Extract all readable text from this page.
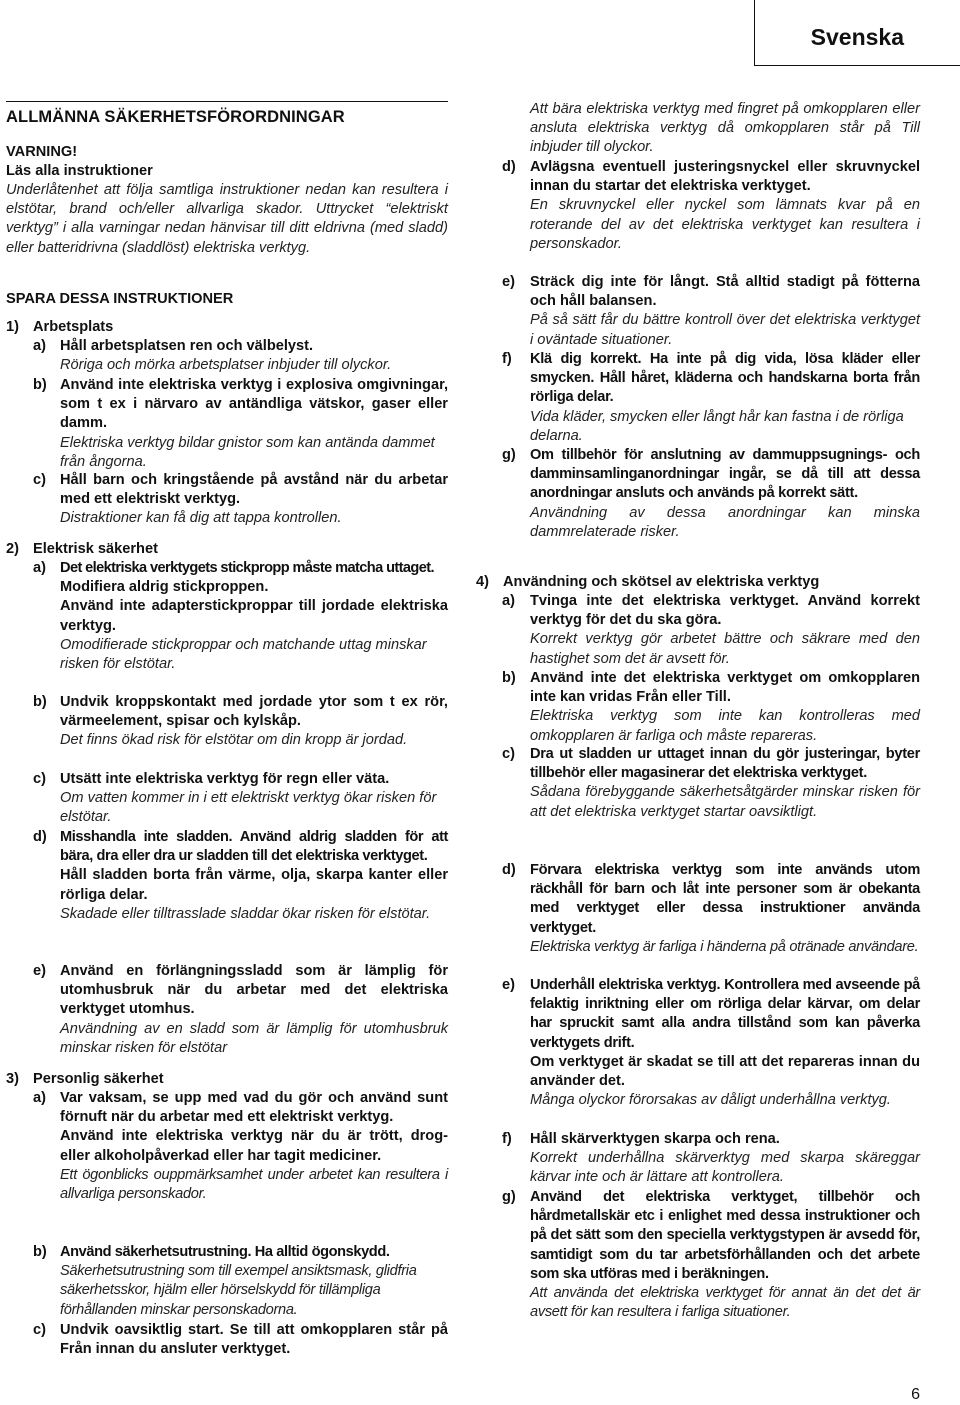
Svenska
ALLMÄNNA SÄKERHETSFÖRORDNINGAR
VARNING!
Läs alla instruktioner
Underlåtenhet att följa samtliga instruktioner nedan kan resultera i elstötar, brand och/eller allvarliga skador. Uttrycket “elektriskt verktyg” i alla varningar nedan hänvisar till ditt eldrivna (med sladd) eller batteridrivna (sladdlöst) elektriska verktyg.
SPARA DESSA INSTRUKTIONER
1) Arbetsplats
a) Håll arbetsplatsen ren och välbelyst.
Röriga och mörka arbetsplatser inbjuder till olyckor.
b) Använd inte elektriska verktyg i explosiva omgivningar, som t ex i närvaro av antändliga vätskor, gaser eller damm.
Elektriska verktyg bildar gnistor som kan antända dammet från ångorna.
c) Håll barn och kringstående på avstånd när du arbetar med ett elektriskt verktyg.
Distraktioner kan få dig att tappa kontrollen.
2) Elektrisk säkerhet
a) Det elektriska verktygets stickpropp måste matcha uttaget.
Modifiera aldrig stickproppen.
Använd inte adapterstickproppar till jordade elektriska verktyg.
Omodifierade stickproppar och matchande uttag minskar risken för elstötar.
b) Undvik kroppskontakt med jordade ytor som t ex rör, värmeelement, spisar och kylskåp.
Det finns ökad risk för elstötar om din kropp är jordad.
c) Utsätt inte elektriska verktyg för regn eller väta.
Om vatten kommer in i ett elektriskt verktyg ökar risken för elstötar.
d) Misshandla inte sladden. Använd aldrig sladden för att bära, dra eller dra ur sladden till det elektriska verktyget.
Håll sladden borta från värme, olja, skarpa kanter eller rörliga delar.
Skadade eller tilltrasslade sladdar ökar risken för elstötar.
e) Använd en förlängningssladd som är lämplig för utomhusbruk när du arbetar med det elektriska verktyget utomhus.
Användning av en sladd som är lämplig för utomhusbruk minskar risken för elstötar
3) Personlig säkerhet
a) Var vaksam, se upp med vad du gör och använd sunt förnuft när du arbetar med ett elektriskt verktyg.
Använd inte elektriska verktyg när du är trött, drog- eller alkoholpåverkad eller har tagit mediciner.
Ett ögonblicks ouppmärksamhet under arbetet kan resultera i allvarliga personskador.
b) Använd säkerhetsutrustning. Ha alltid ögonskydd.
Säkerhetsutrustning som till exempel ansiktsmask, glidfria säkerhetsskor, hjälm eller hörselskydd för tillämpliga förhållanden minskar personskadorna.
c) Undvik oavsiktlig start. Se till att omkopplaren står på Från innan du ansluter verktyget.
Att bära elektriska verktyg med fingret på omkopplaren eller ansluta elektriska verktyg då omkopplaren står på Till inbjuder till olyckor.
d) Avlägsna eventuell justeringsnyckel eller skruvnyckel innan du startar det elektriska verktyget.
En skruvnyckel eller nyckel som lämnats kvar på en roterande del av det elektriska verktyget kan resultera i personskador.
e) Sträck dig inte för långt. Stå alltid stadigt på fötterna och håll balansen.
På så sätt får du bättre kontroll över det elektriska verktyget i oväntade situationer.
f) Klä dig korrekt. Ha inte på dig vida, lösa kläder eller smycken. Håll håret, kläderna och handskarna borta från rörliga delar.
Vida kläder, smycken eller långt hår kan fastna i de rörliga delarna.
g) Om tillbehör för anslutning av dammuppsugnings- och damminsamlinganordningar ingår, se då till att dessa anordningar ansluts och används på korrekt sätt.
Användning av dessa anordningar kan minska dammrelaterade risker.
4) Användning och skötsel av elektriska verktyg
a) Tvinga inte det elektriska verktyget. Använd korrekt verktyg för det du ska göra.
Korrekt verktyg gör arbetet bättre och säkrare med den hastighet som det är avsett för.
b) Använd inte det elektriska verktyget om omkopplaren inte kan vridas Från eller Till.
Elektriska verktyg som inte kan kontrolleras med omkopplaren är farliga och måste repareras.
c) Dra ut sladden ur uttaget innan du gör justeringar, byter tillbehör eller magasinerar det elektriska verktyget.
Sådana förebyggande säkerhetsåtgärder minskar risken för att det elektriska verktyget startar oavsiktligt.
d) Förvara elektriska verktyg som inte används utom räckhåll för barn och låt inte personer som är obekanta med verktyget eller dessa instruktioner använda verktyget.
Elektriska verktyg är farliga i händerna på otränade användare.
e) Underhåll elektriska verktyg. Kontrollera med avseende på felaktig inriktning eller om rörliga delar kärvar, om delar har spruckit samt alla andra tillstånd som kan påverka verktygets drift.
Om verktyget är skadat se till att det repareras innan du använder det.
Många olyckor förorsakas av dåligt underhållna verktyg.
f) Håll skärverktygen skarpa och rena.
Korrekt underhållna skärverktyg med skarpa skäreggar kärvar inte och är lättare att kontrollera.
g) Använd det elektriska verktyget, tillbehör och hårdmetallskär etc i enlighet med dessa instruktioner och på det sätt som den speciella verktygstypen är avsedd för, samtidigt som du tar arbetsförhållanden och det arbete som ska utföras med i beräkningen.
Att använda det elektriska verktyget för annat än det det är avsett för kan resultera i farliga situationer.
6
